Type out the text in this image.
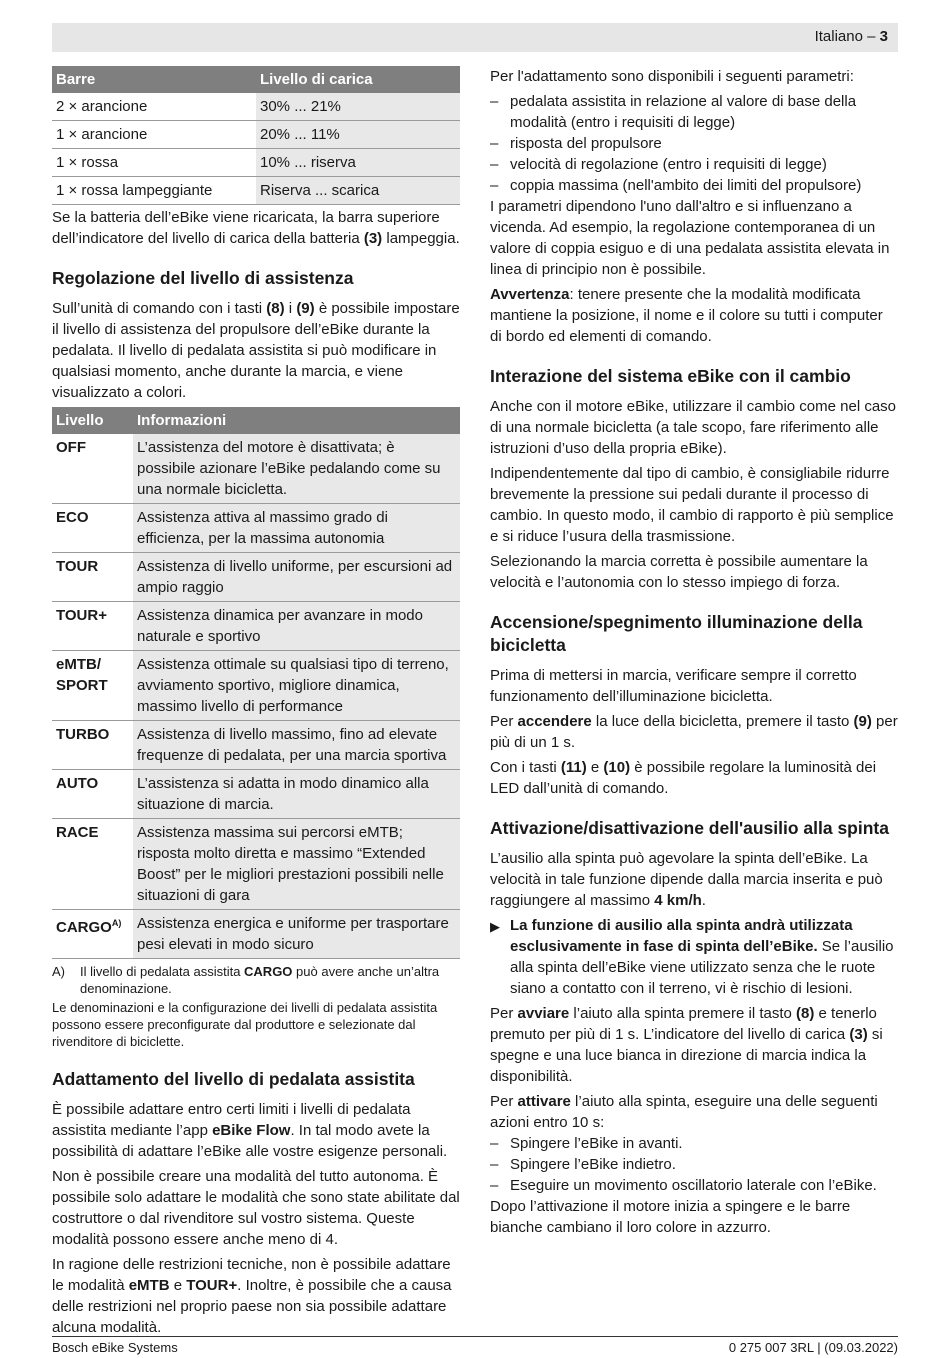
Italiano – 3
Barre	Livello di carica
2 × arancione	30% ... 21%
1 × arancione	20% ... 11%
1 × rossa	10% ... riserva
1 × rossa lampeggiante	Riserva ... scarica

Se la batteria dell’eBike viene ricaricata, la barra superiore dell’indicatore del livello di carica della batteria (3) lampeggia.

Regolazione del livello di assistenza

Sull’unità di comando con i tasti (8) i (9) è possibile impostare il livello di assistenza del propulsore dell’eBike durante la pedalata. Il livello di pedalata assistita si può modificare in qualsiasi momento, anche durante la marcia, e viene visualizzato a colori.

Livello	Informazioni
OFF	L’assistenza del motore è disattivata; è possibile azionare l’eBike pedalando come su una normale bicicletta.
ECO	Assistenza attiva al massimo grado di efficienza, per la massima autonomia
TOUR	Assistenza di livello uniforme, per escursioni ad ampio raggio
TOUR+	Assistenza dinamica per avanzare in modo naturale e sportivo
eMTB/ SPORT	Assistenza ottimale su qualsiasi tipo di terreno, avviamento sportivo, migliore dinamica, massimo livello di performance
TURBO	Assistenza di livello massimo, fino ad elevate frequenze di pedalata, per una marcia sportiva
AUTO	L’assistenza si adatta in modo dinamico alla situazione di marcia.
RACE	Assistenza massima sui percorsi eMTB; risposta molto diretta e massimo “Extended Boost” per le migliori prestazioni possibili nelle situazioni di gara
$CARGO^{A)}$	Assistenza energica e uniforme per trasportare pesi elevati in modo sicuro
A)	Il livello di pedalata assistita CARGO può avere anche un’altra denominazione.
Le denominazioni e la configurazione dei livelli di pedalata assistita possono essere preconfigurate dal produttore e selezionate dal rivenditore di biciclette.
Adattamento del livello di pedalata assistita

È possibile adattare entro certi limiti i livelli di pedalata assistita mediante l’app eBike Flow. In tal modo avete la possibilità di adattare l’eBike alle vostre esigenze personali.

Non è possibile creare una modalità del tutto autonoma. È possibile solo adattare le modalità che sono state abilitate dal costruttore o dal rivenditore sul vostro sistema. Queste modalità possono essere anche meno di 4.

In ragione delle restrizioni tecniche, non è possibile adattare le modalità eMTB e TOUR+. Inoltre, è possibile che a causa delle restrizioni nel proprio paese non sia possibile adattare alcuna modalità.

Per l'adattamento sono disponibili i seguenti parametri:

– pedalata assistita in relazione al valore di base della modalità (entro i requisiti di legge)
– risposta del propulsore
– velocità di regolazione (entro i requisiti di legge)
– coppia massima (nell'ambito dei limiti del propulsore)

I parametri dipendono l'uno dall'altro e si influenzano a vicenda. Ad esempio, la regolazione contemporanea di un valore di coppia esiguo e di una pedalata assistita elevata in linea di principio non è possibile.

Avvertenza: tenere presente che la modalità modificata mantiene la posizione, il nome e il colore su tutti i computer di bordo ed elementi di comando.

Interazione del sistema eBike con il cambio

Anche con il motore eBike, utilizzare il cambio come nel caso di una normale bicicletta (a tale scopo, fare riferimento alle istruzioni d’uso della propria eBike).

Indipendentemente dal tipo di cambio, è consigliabile ridurre brevemente la pressione sui pedali durante il processo di cambio. In questo modo, il cambio di rapporto è più semplice e si riduce l’usura della trasmissione.

Selezionando la marcia corretta è possibile aumentare la velocità e l’autonomia con lo stesso impiego di forza.

Accensione/spegnimento illuminazione della bicicletta

Prima di mettersi in marcia, verificare sempre il corretto funzionamento dell’illuminazione bicicletta.

Per accendere la luce della bicicletta, premere il tasto (9) per più di un 1 s.

Con i tasti (11) e (10) è possibile regolare la luminosità dei LED dall’unità di comando.

Attivazione/disattivazione dell'ausilio alla spinta

L’ausilio alla spinta può agevolare la spinta dell’eBike. La velocità in tale funzione dipende dalla marcia inserita e può raggiungere al massimo 4 km/h.

▶ La funzione di ausilio alla spinta andrà utilizzata esclusivamente in fase di spinta dell’eBike. Se l’ausilio alla spinta dell’eBike viene utilizzato senza che le ruote siano a contatto con il terreno, vi è rischio di lesioni.

Per avviare l’aiuto alla spinta premere il tasto (8) e tenerlo premuto per più di 1 s. L’indicatore del livello di carica (3) si spegne e una luce bianca in direzione di marcia indica la disponibilità.

Per attivare l’aiuto alla spinta, eseguire una delle seguenti azioni entro 10 s:

– Spingere l’eBike in avanti.
– Spingere l’eBike indietro.
– Eseguire un movimento oscillatorio laterale con l’eBike.

Dopo l’attivazione il motore inizia a spingere e le barre bianche cambiano il loro colore in azzurro.

Bosch eBike Systems	0 275 007 3RL | (09.03.2022)
